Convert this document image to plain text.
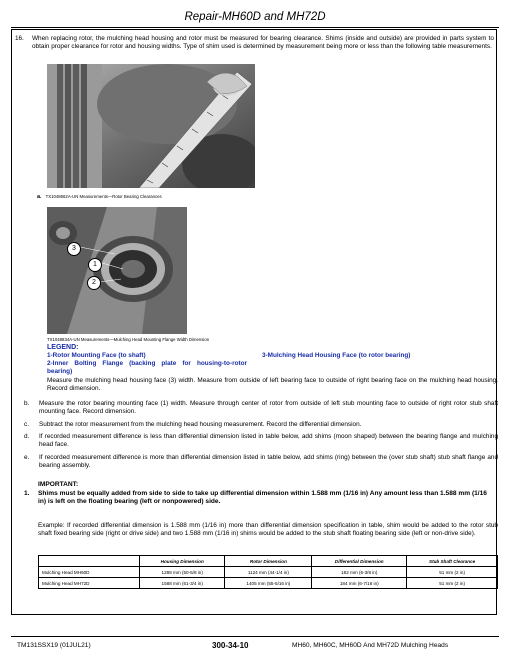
Repair-MH60D and MH72D
16. When replacing rotor, the mulching head housing and rotor must be measured for bearing clearance. Shims (inside and outside) are provided in parts system to obtain proper clearance for rotor and housing widths. Type of shim used is determined by measurement being more or less than the following table measurements.
a. TX1048662A-UN Measurements—Rotor Bearing Clearances
3
1
2
TX1048834A-UN Measurements—Mulching Head Mounting Flange Width Dimension
LEGEND:
1-Rotor Mounting Face (to shaft)
2-Inner Bolting Flange (backing plate for housing-to-rotor bearing)
3-Mulching Head Housing Face (to rotor bearing)
Measure the mulching head housing face (3) width. Measure from outside of left bearing face to outside of right bearing face on the mulching head housing. Record dimension.
b. Measure the rotor bearing mounting face (1) width. Measure through center of rotor from outside of left stub mounting face to outside of right rotor stub shaft mounting face. Record dimension.
c. Subtract the rotor measurement from the mulching head housing measurement. Record the differential dimension.
d. If recorded measurement difference is less than differential dimension listed in table below, add shims (moon shaped) between the bearing flange and mulching head face.
e. If recorded measurement difference is more than differential dimension listed in table below, add shims (ring) between the (over stub shaft) stub shaft flange and bearing assembly.
IMPORTANT:
1. Shims must be equally added from side to side to take up differential dimension within 1.588 mm (1/16 in) Any amount less than 1.588 mm (1/16 in) is left on the floating bearing (left or nonpowered) side.
Example: If recorded differential dimension is 1.588 mm (1/16 in) more than differential dimension specification in table, shim would be added to the rotor stub shaft fixed bearing side (right or drive side) and two 1.588 mm (1/16 in) shims would be added to the stub shaft floating bearing side (left or non-drive side).
	Housing Dimension	Rotor Dimension	Differential Dimension	Stub Shaft Clearance
Mulching Head MH60D	1288 mm (50-5/8 in)	1124 mm (44-1/4 in)	182 mm (6-3/8 in)	51 mm (2 in)
Mulching Head MH72D	1588 mm (61-3/4 in)	1405 mm (55-5/16 in)	184 mm (6-7/16 in)	51 mm (2 in)
TM131SSX19 (01JUL21)	300-34-10	MH60, MH60C, MH60D And MH72D Mulching Heads
